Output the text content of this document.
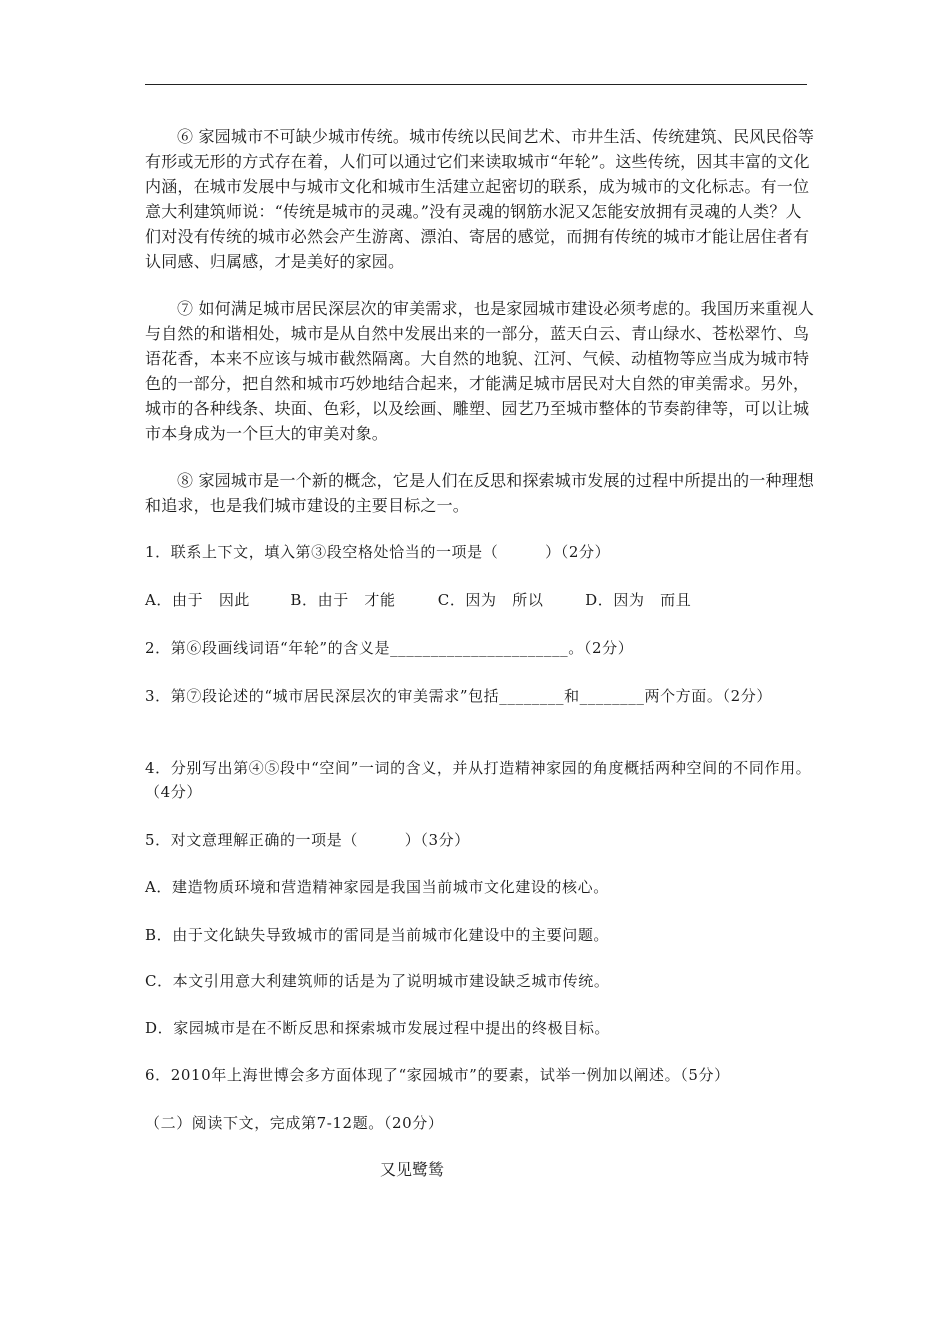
⑥ 家园城市不可缺少城市传统。城市传统以民间艺术、市井生活、传统建筑、民风民俗等有形或无形的方式存在着，人们可以通过它们来读取城市“年轮”。这些传统，因其丰富的文化内涵，在城市发展中与城市文化和城市生活建立起密切的联系，成为城市的文化标志。有一位意大利建筑师说：“传统是城市的灵魂。”没有灵魂的钢筋水泥又怎能安放拥有灵魂的人类？人们对没有传统的城市必然会产生游离、漂泊、寄居的感觉，而拥有传统的城市才能让居住者有认同感、归属感，才是美好的家园。

⑦ 如何满足城市居民深层次的审美需求，也是家园城市建设必须考虑的。我国历来重视人与自然的和谐相处，城市是从自然中发展出来的一部分，蓝天白云、青山绿水、苍松翠竹、鸟语花香，本来不应该与城市截然隔离。大自然的地貌、江河、气候、动植物等应当成为城市特色的一部分，把自然和城市巧妙地结合起来，才能满足城市居民对大自然的审美需求。另外，城市的各种线条、块面、色彩，以及绘画、雕塑、园艺乃至城市整体的节奏韵律等，可以让城市本身成为一个巨大的审美对象。

⑧ 家园城市是一个新的概念，它是人们在反思和探索城市发展的过程中所提出的一种理想和追求，也是我们城市建设的主要目标之一。

1．联系上下文，填入第③段空格处恰当的一项是（　　　）（2分）

A．由于　因此	B．由于　才能	C．因为　所以	D．因为　而且

2．第⑥段画线词语“年轮”的含义是______________________。（2分）

3．第⑦段论述的“城市居民深层次的审美需求”包括________和________两个方面。（2分）

4．分别写出第④⑤段中“空间”一词的含义，并从打造精神家园的角度概括两种空间的不同作用。（4分）

5．对文意理解正确的一项是（　　　）（3分）

A．建造物质环境和营造精神家园是我国当前城市文化建设的核心。

B．由于文化缺失导致城市的雷同是当前城市化建设中的主要问题。

C．本文引用意大利建筑师的话是为了说明城市建设缺乏城市传统。

D．家园城市是在不断反思和探索城市发展过程中提出的终极目标。

6．2010年上海世博会多方面体现了“家园城市”的要素，试举一例加以阐述。（5分）

（二）阅读下文，完成第7-12题。（20分）

又见鹭鸶
